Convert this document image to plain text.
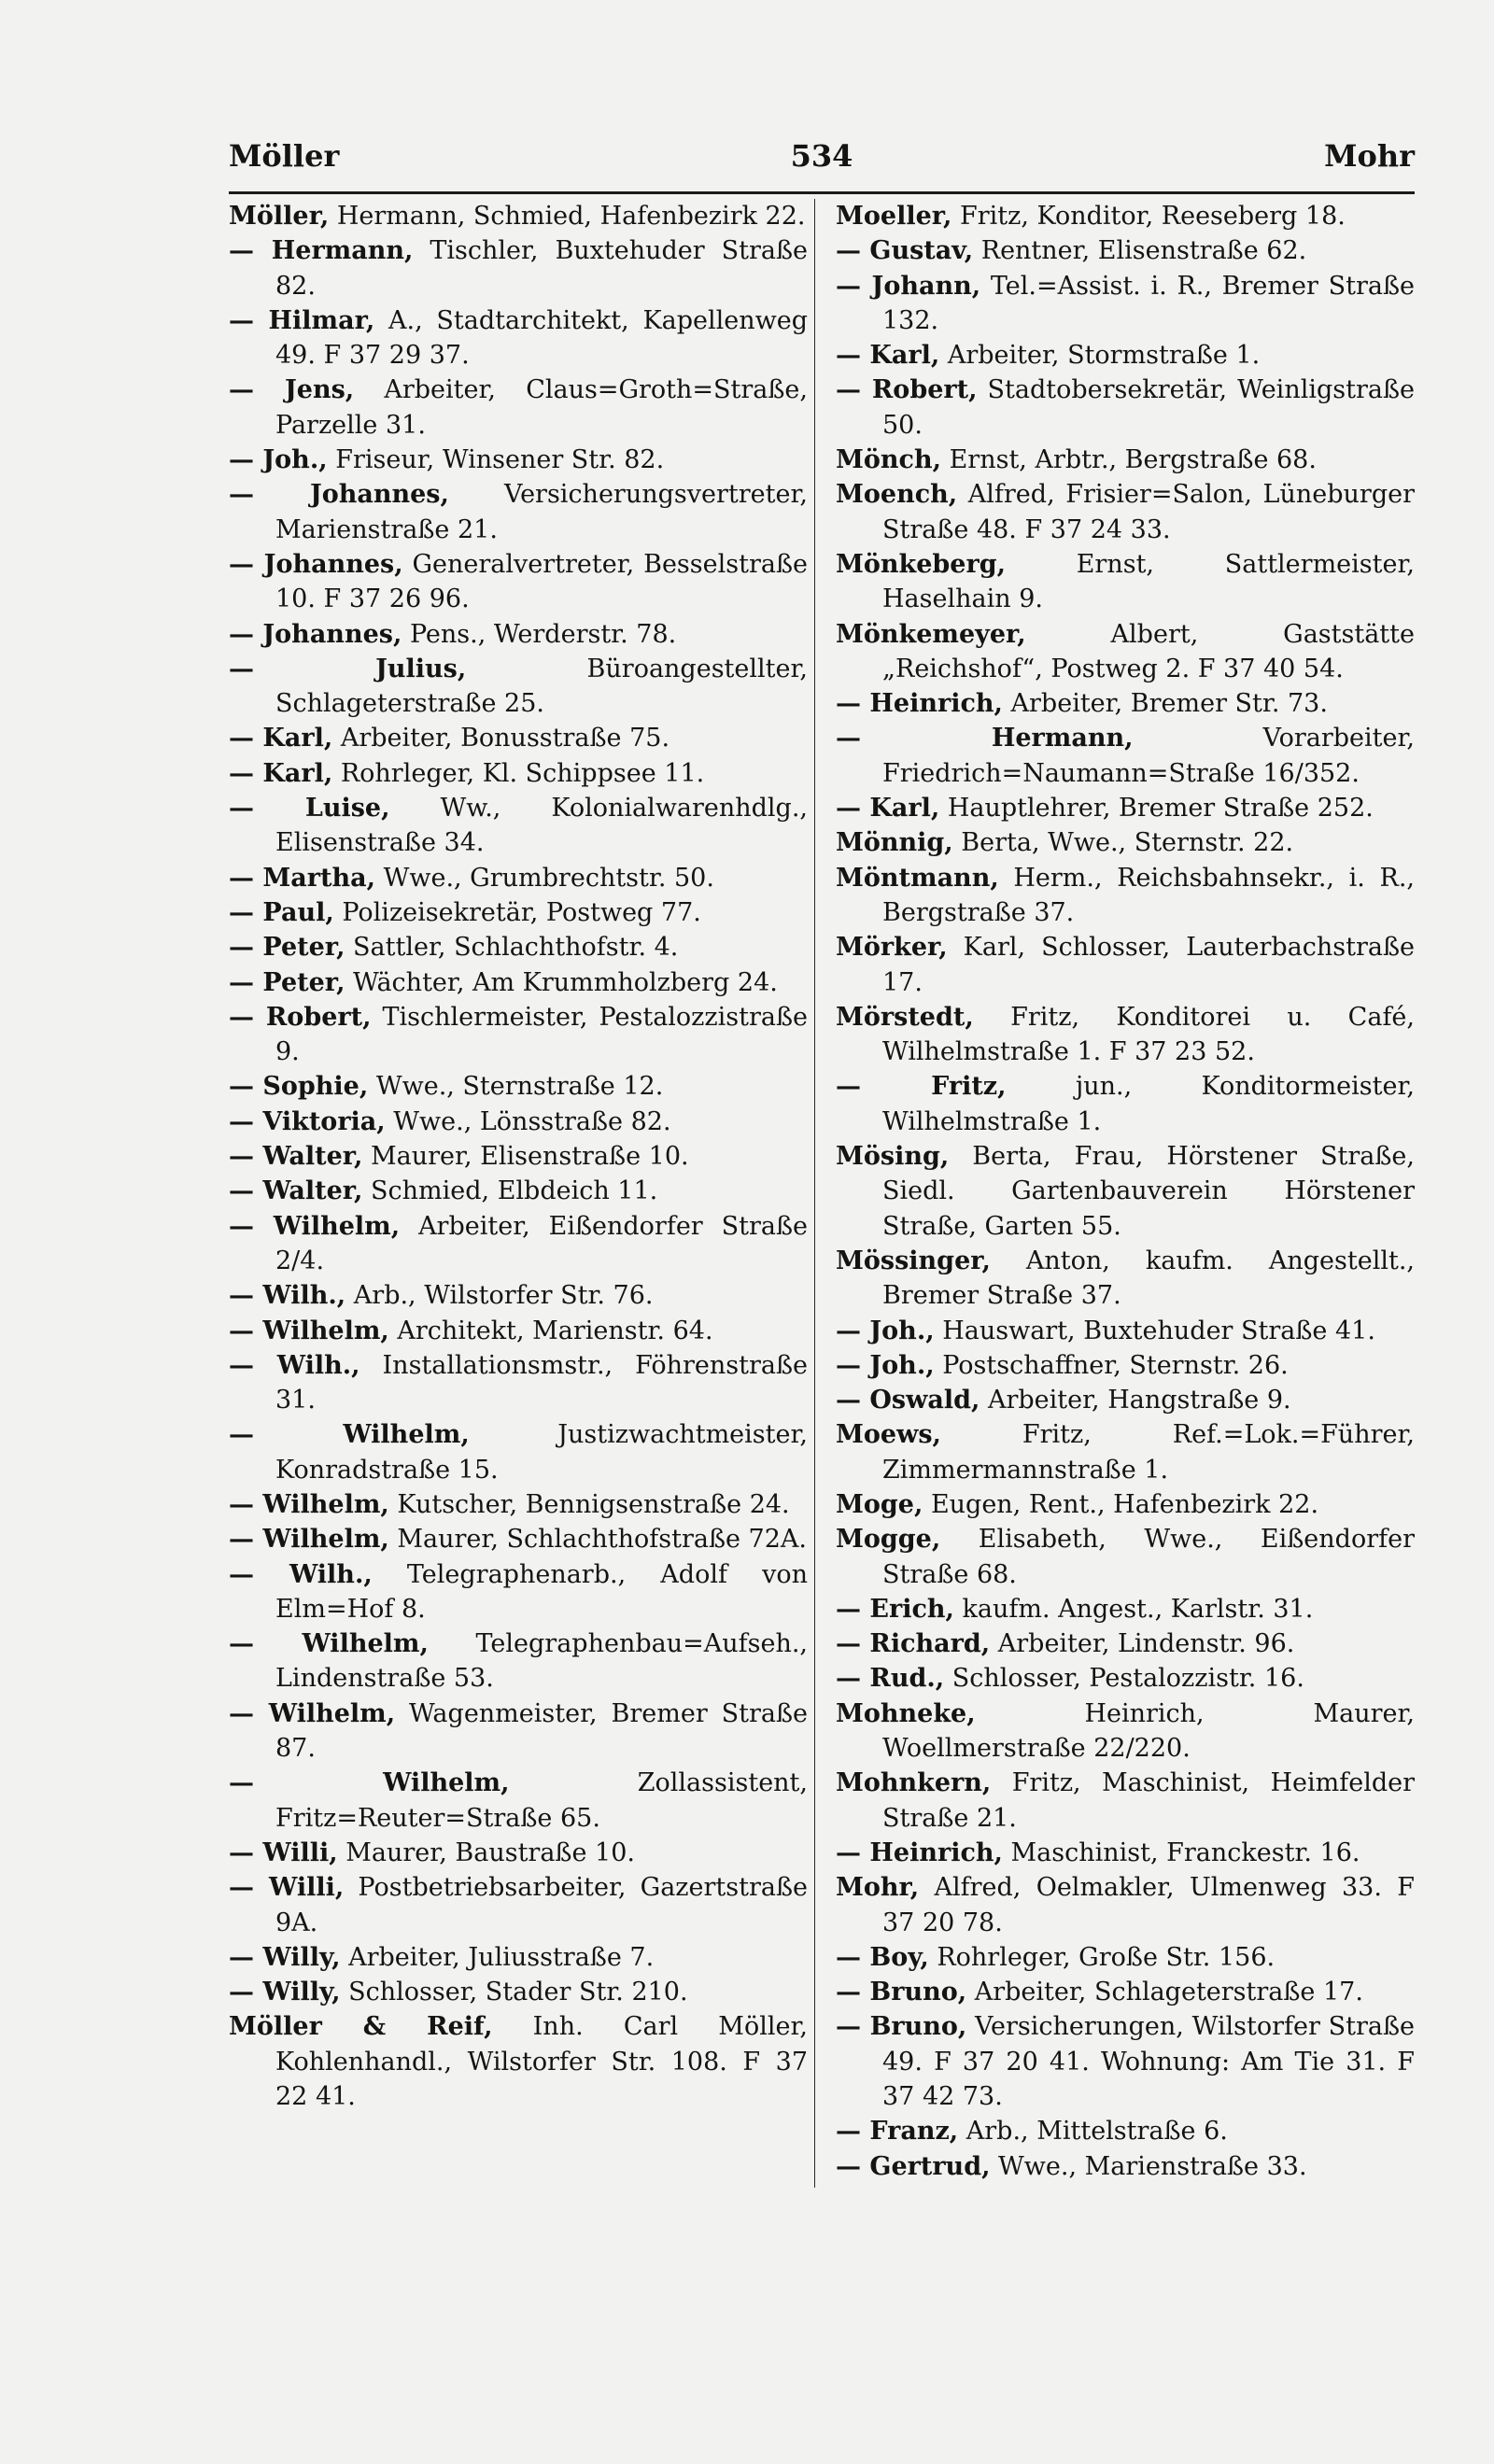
534
Möller	Mohr

Möller, Hermann, Schmied, Hafenbezirk 22.

— Hermann, Tischler, Buxtehuder Straße 82.

— Hilmar, A., Stadtarchitekt, Kapellenweg 49. F 37 29 37.

— Jens, Arbeiter, Claus=Groth=Straße, Parzelle 31.

— Joh., Friseur, Winsener Str. 82.

— Johannes, Versicherungsvertreter, Marienstraße 21.

— Johannes, Generalvertreter, Besselstraße 10. F 37 26 96.

— Johannes, Pens., Werderstr. 78.

— Julius, Büroangestellter, Schlageterstraße 25.

— Karl, Arbeiter, Bonusstraße 75.

— Karl, Rohrleger, Kl. Schippsee 11.

— Luise, Ww., Kolonialwarenhdlg., Elisenstraße 34.

— Martha, Wwe., Grumbrechtstr. 50.

— Paul, Polizeisekretär, Postweg 77.

— Peter, Sattler, Schlachthofstr. 4.

— Peter, Wächter, Am Krummholzberg 24.

— Robert, Tischlermeister, Pestalozzistraße 9.

— Sophie, Wwe., Sternstraße 12.

— Viktoria, Wwe., Lönsstraße 82.

— Walter, Maurer, Elisenstraße 10.

— Walter, Schmied, Elbdeich 11.

— Wilhelm, Arbeiter, Eißendorfer Straße 2/4.

— Wilh., Arb., Wilstorfer Str. 76.

— Wilhelm, Architekt, Marienstr. 64.

— Wilh., Installationsmstr., Föhrenstraße 31.

— Wilhelm, Justizwachtmeister, Konradstraße 15.

— Wilhelm, Kutscher, Bennigsenstraße 24.

— Wilhelm, Maurer, Schlachthofstraße 72A.

— Wilh., Telegraphenarb., Adolf von Elm=Hof 8.

— Wilhelm, Telegraphenbau=Aufseh., Lindenstraße 53.

— Wilhelm, Wagenmeister, Bremer Straße 87.

— Wilhelm, Zollassistent, Fritz=Reuter=Straße 65.

— Willi, Maurer, Baustraße 10.

— Willi, Postbetriebsarbeiter, Gazertstraße 9A.

— Willy, Arbeiter, Juliusstraße 7.

— Willy, Schlosser, Stader Str. 210.

Möller & Reif, Inh. Carl Möller, Kohlenhandl., Wilstorfer Str. 108. F 37 22 41.

Moeller, Fritz, Konditor, Reeseberg 18.

— Gustav, Rentner, Elisenstraße 62.

— Johann, Tel.=Assist. i. R., Bremer Straße 132.

— Karl, Arbeiter, Stormstraße 1.

— Robert, Stadtobersekretär, Weinligstraße 50.

Mönch, Ernst, Arbtr., Bergstraße 68.

Moench, Alfred, Frisier=Salon, Lüneburger Straße 48. F 37 24 33.

Mönkeberg, Ernst, Sattlermeister, Haselhain 9.

Mönkemeyer, Albert, Gaststätte „Reichshof“, Postweg 2. F 37 40 54.

— Heinrich, Arbeiter, Bremer Str. 73.

— Hermann, Vorarbeiter, Friedrich=Naumann=Straße 16/352.

— Karl, Hauptlehrer, Bremer Straße 252.

Mönnig, Berta, Wwe., Sternstr. 22.

Möntmann, Herm., Reichsbahnsekr., i. R., Bergstraße 37.

Mörker, Karl, Schlosser, Lauterbachstraße 17.

Mörstedt, Fritz, Konditorei u. Café, Wilhelmstraße 1. F 37 23 52.

— Fritz, jun., Konditormeister, Wilhelmstraße 1.

Mösing, Berta, Frau, Hörstener Straße, Siedl. Gartenbauverein Hörstener Straße, Garten 55.

Mössinger, Anton, kaufm. Angestellt., Bremer Straße 37.

— Joh., Hauswart, Buxtehuder Straße 41.

— Joh., Postschaffner, Sternstr. 26.

— Oswald, Arbeiter, Hangstraße 9.

Moews, Fritz, Ref.=Lok.=Führer, Zimmermannstraße 1.

Moge, Eugen, Rent., Hafenbezirk 22.

Mogge, Elisabeth, Wwe., Eißendorfer Straße 68.

— Erich, kaufm. Angest., Karlstr. 31.

— Richard, Arbeiter, Lindenstr. 96.

— Rud., Schlosser, Pestalozzistr. 16.

Mohneke, Heinrich, Maurer, Woellmerstraße 22/220.

Mohnkern, Fritz, Maschinist, Heimfelder Straße 21.

— Heinrich, Maschinist, Franckestr. 16.

Mohr, Alfred, Oelmakler, Ulmenweg 33. F 37 20 78.

— Boy, Rohrleger, Große Str. 156.

— Bruno, Arbeiter, Schlageterstraße 17.

— Bruno, Versicherungen, Wilstorfer Straße 49. F 37 20 41. Wohnung: Am Tie 31. F 37 42 73.

— Franz, Arb., Mittelstraße 6.

— Gertrud, Wwe., Marienstraße 33.
